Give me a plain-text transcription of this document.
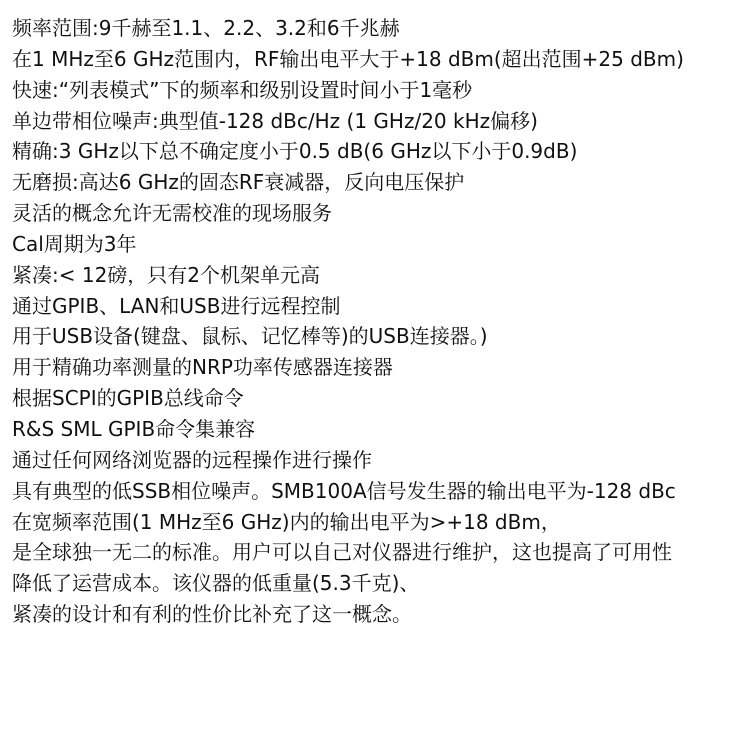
频率范围:9千赫至1.1、2.2、3.2和6千兆赫
在1 MHz至6 GHz范围内，RF输出电平大于+18 dBm(超出范围+25 dBm)
快速:“列表模式”下的频率和级别设置时间小于1毫秒
单边带相位噪声:典型值-128 dBc/Hz (1 GHz/20 kHz偏移)
精确:3 GHz以下总不确定度小于0.5 dB(6 GHz以下小于0.9dB)
无磨损:高达6 GHz的固态RF衰减器，反向电压保护
灵活的概念允许无需校准的现场服务
Cal周期为3年
紧凑:< 12磅，只有2个机架单元高
通过GPIB、LAN和USB进行远程控制
用于USB设备(键盘、鼠标、记忆棒等)的USB连接器。)
用于精确功率测量的NRP功率传感器连接器
根据SCPI的GPIB总线命令
R&S SML GPIB命令集兼容
通过任何网络浏览器的远程操作进行操作
具有典型的低SSB相位噪声。SMB100A信号发生器的输出电平为-128 dBc
在宽频率范围(1 MHz至6 GHz)内的输出电平为>+18 dBm，
是全球独一无二的标准。用户可以自己对仪器进行维护，这也提高了可用性
降低了运营成本。该仪器的低重量(5.3千克)、
紧凑的设计和有利的性价比补充了这一概念。
